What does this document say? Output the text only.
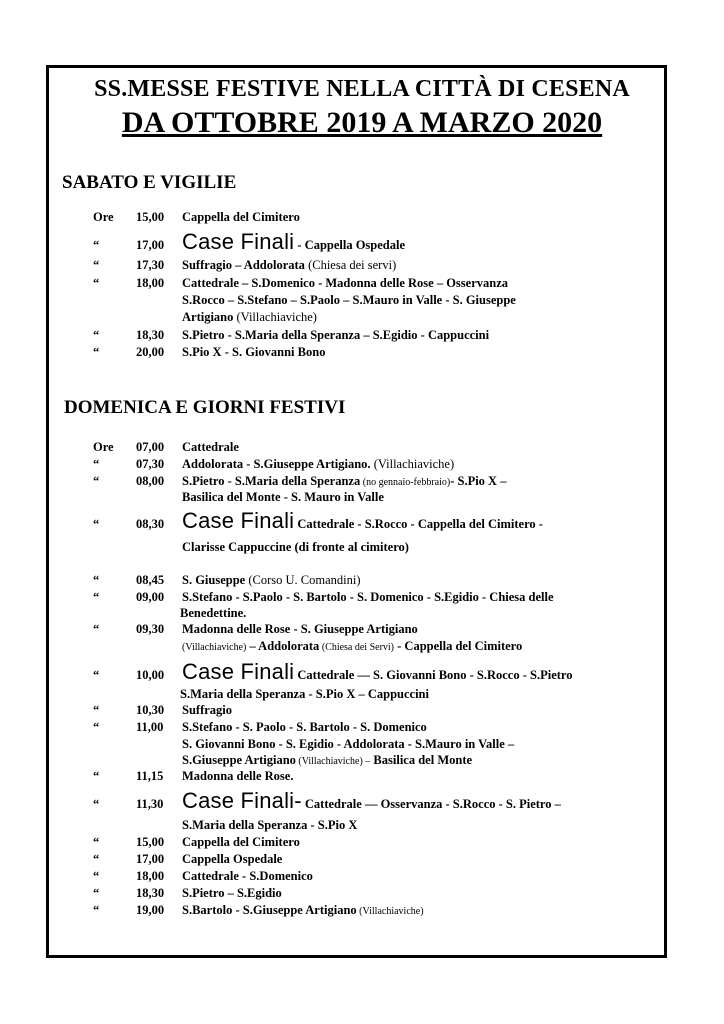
SS.MESSE FESTIVE NELLA CITTÀ DI CESENA
DA OTTOBRE 2019 A MARZO 2020
SABATO E VIGILIE
Ore 15,00 Cappella del Cimitero
“	17,00 Case Finali - Cappella Ospedale
“	17,30 Suffragio – Addolorata (Chiesa dei servi)
“	18,00 Cattedrale – S.Domenico - Madonna delle Rose – Osservanza
S.Rocco – S.Stefano – S.Paolo – S.Mauro in Valle - S. Giuseppe
Artigiano (Villachiaviche)
“	18,30 S.Pietro - S.Maria della Speranza – S.Egidio - Cappuccini
“	20,00 S.Pio X - S. Giovanni Bono
DOMENICA E GIORNI FESTIVI
Ore 07,00 Cattedrale
“	07,30 Addolorata - S.Giuseppe Artigiano. (Villachiaviche)
“	08,00 S.Pietro - S.Maria della Speranza (no gennaio-febbraio)- S.Pio X –
Basilica del Monte - S. Mauro in Valle
“	08,30 Case Finali Cattedrale - S.Rocco - Cappella del Cimitero -
Clarisse Cappuccine (di fronte al cimitero)
“	08,45 S. Giuseppe (Corso U. Comandini)
“	09,00 S.Stefano - S.Paolo - S. Bartolo - S. Domenico - S.Egidio - Chiesa delle
Benedettine.
“	09,30 Madonna delle Rose - S. Giuseppe Artigiano
(Villachiaviche) – Addolorata (Chiesa dei Servi) - Cappella del Cimitero
“	10,00 Case Finali Cattedrale — S. Giovanni Bono - S.Rocco - S.Pietro
S.Maria della Speranza - S.Pio X – Cappuccini
“	10,30 Suffragio
“	11,00 S.Stefano - S. Paolo - S. Bartolo - S. Domenico
S. Giovanni Bono - S. Egidio - Addolorata - S.Mauro in Valle –
S.Giuseppe Artigiano (Villachiaviche) – Basilica del Monte
“	11,15 Madonna delle Rose.
“	11,30 Case Finali- Cattedrale — Osservanza - S.Rocco - S. Pietro –
S.Maria della Speranza - S.Pio X
“	15,00 Cappella del Cimitero
“	17,00 Cappella Ospedale
“	18,00 Cattedrale - S.Domenico
“	18,30 S.Pietro – S.Egidio
“	19,00 S.Bartolo - S.Giuseppe Artigiano (Villachiaviche)
